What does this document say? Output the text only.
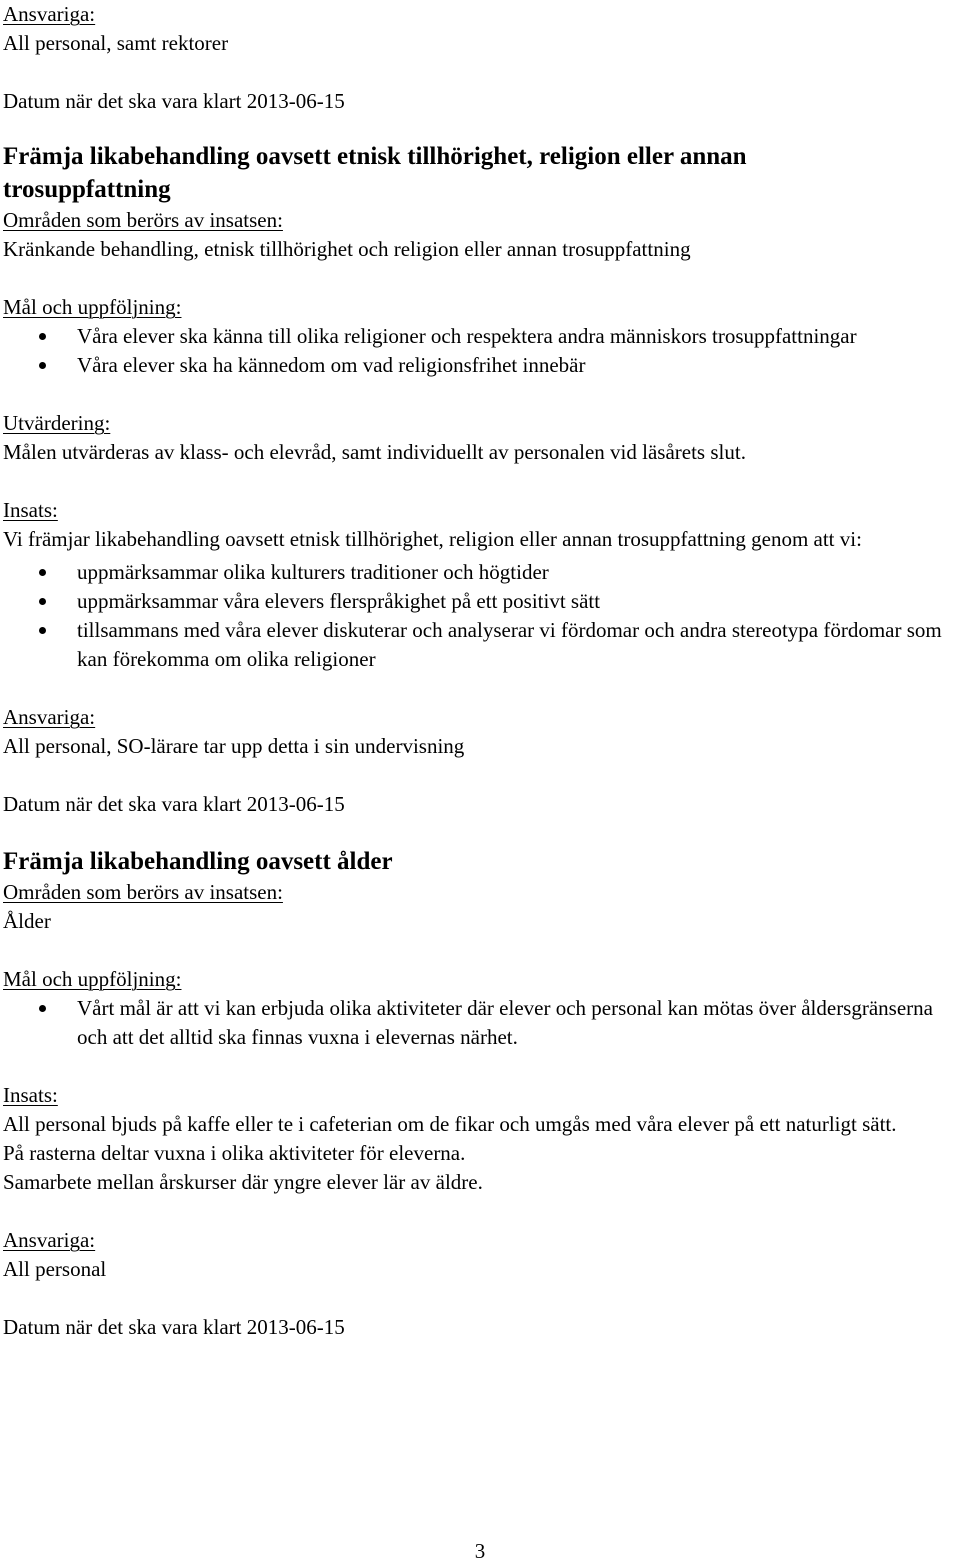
Ansvariga:
All personal, samt rektorer
Datum när det ska vara klart 2013-06-15
Främja likabehandling oavsett etnisk tillhörighet, religion eller annan
trosuppfattning
Områden som berörs av insatsen:
Kränkande behandling, etnisk tillhörighet och religion eller annan trosuppfattning
Mål och uppföljning:
Våra elever ska känna till olika religioner och respektera andra människors trosuppfattningar
Våra elever ska ha kännedom om vad religionsfrihet innebär
Utvärdering:
Målen utvärderas av klass- och elevråd, samt individuellt av personalen vid läsårets slut.
Insats:
Vi främjar likabehandling oavsett etnisk tillhörighet, religion eller annan trosuppfattning genom att vi:
uppmärksammar olika kulturers traditioner och högtider
uppmärksammar våra elevers flerspråkighet på ett positivt sätt
tillsammans med våra elever diskuterar och analyserar vi fördomar och andra stereotypa fördomar som kan förekomma om olika religioner
Ansvariga:
All personal, SO-lärare tar upp detta i sin undervisning
Datum när det ska vara klart 2013-06-15
Främja likabehandling oavsett ålder
Områden som berörs av insatsen:
Ålder
Mål och uppföljning:
Vårt mål är att vi kan erbjuda olika aktiviteter där elever och personal kan mötas över åldersgränserna och att det alltid ska finnas vuxna i elevernas närhet.
Insats:
All personal bjuds på kaffe eller te i cafeterian om de fikar och umgås med våra elever på ett naturligt sätt.
På rasterna deltar vuxna i olika aktiviteter för eleverna.
Samarbete mellan årskurser där yngre elever lär av äldre.
Ansvariga:
All personal
Datum när det ska vara klart 2013-06-15
3
